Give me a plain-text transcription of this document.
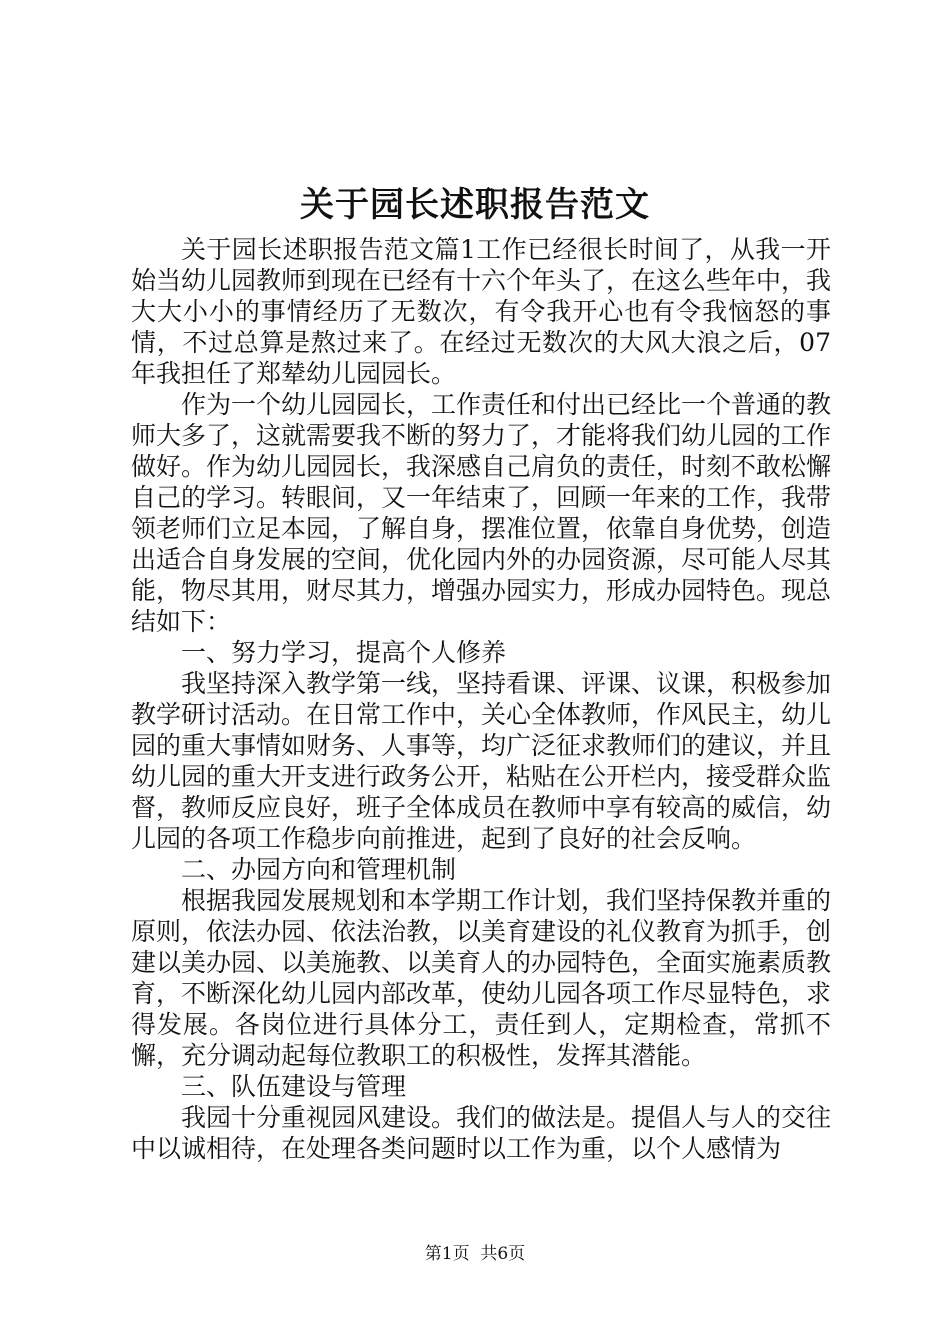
关于园长述职报告范文

关于园长述职报告范文篇1工作已经很长时间了，从我一开始当幼儿园教师到现在已经有十六个年头了，在这么些年中，我大大小小的事情经历了无数次，有令我开心也有令我恼怒的事情，不过总算是熬过来了。在经过无数次的大风大浪之后，07年我担任了郑辇幼儿园园长。

作为一个幼儿园园长，工作责任和付出已经比一个普通的教师大多了，这就需要我不断的努力了，才能将我们幼儿园的工作做好。作为幼儿园园长，我深感自己肩负的责任，时刻不敢松懈自己的学习。转眼间，又一年结束了，回顾一年来的工作，我带领老师们立足本园，了解自身，摆准位置，依靠自身优势，创造出适合自身发展的空间，优化园内外的办园资源，尽可能人尽其能，物尽其用，财尽其力，增强办园实力，形成办园特色。现总结如下：

一、努力学习，提高个人修养

我坚持深入教学第一线，坚持看课、评课、议课，积极参加教学研讨活动。在日常工作中，关心全体教师，作风民主，幼儿园的重大事情如财务、人事等，均广泛征求教师们的建议，并且幼儿园的重大开支进行政务公开，粘贴在公开栏内，接受群众监督，教师反应良好，班子全体成员在教师中享有较高的威信，幼儿园的各项工作稳步向前推进，起到了良好的社会反响。

二、办园方向和管理机制

根据我园发展规划和本学期工作计划，我们坚持保教并重的原则，依法办园、依法治教，以美育建设的礼仪教育为抓手，创建以美办园、以美施教、以美育人的办园特色，全面实施素质教育，不断深化幼儿园内部改革，使幼儿园各项工作尽显特色，求得发展。各岗位进行具体分工，责任到人，定期检查，常抓不懈，充分调动起每位教职工的积极性，发挥其潜能。

三、队伍建设与管理

我园十分重视园风建设。我们的做法是。提倡人与人的交往中以诚相待，在处理各类问题时以工作为重，以个人感情为

第1页  共6页
